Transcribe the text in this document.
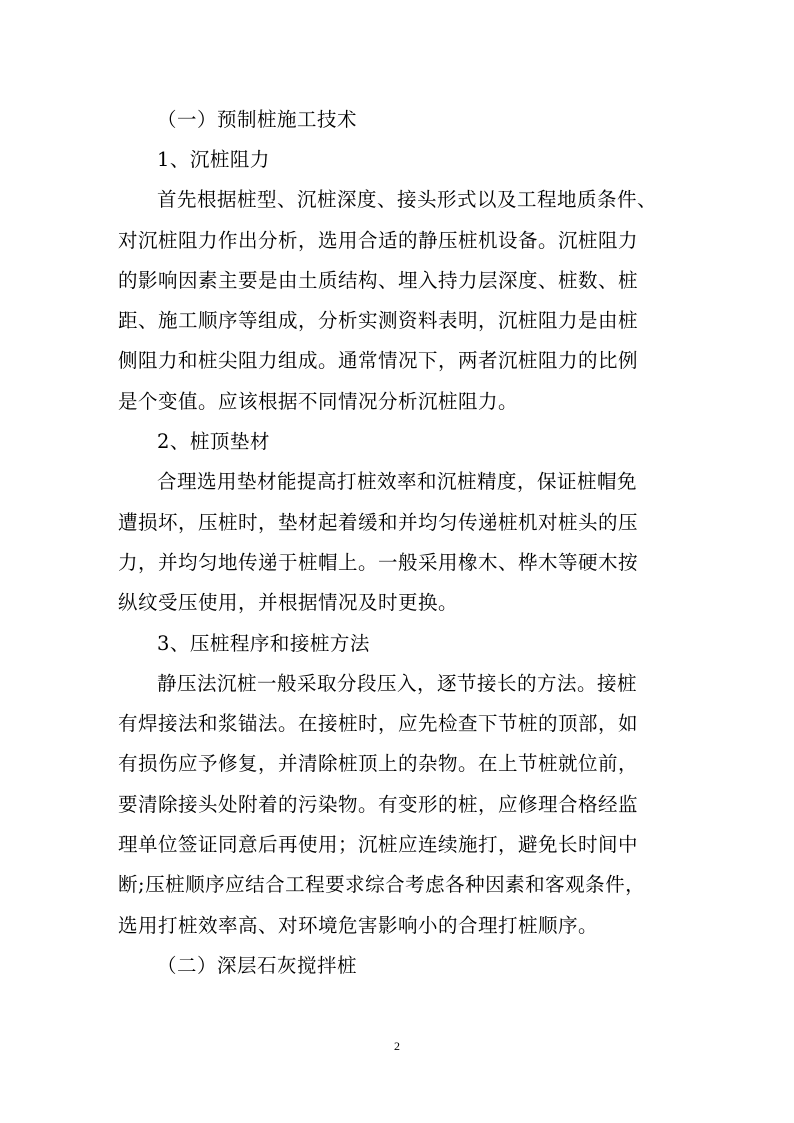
（一）预制桩施工技术
1、沉桩阻力
首先根据桩型、沉桩深度、接头形式以及工程地质条件、
对沉桩阻力作出分析，选用合适的静压桩机设备。沉桩阻力
的影响因素主要是由土质结构、埋入持力层深度、桩数、桩
距、施工顺序等组成，分析实测资料表明，沉桩阻力是由桩
侧阻力和桩尖阻力组成。通常情况下，两者沉桩阻力的比例
是个变值。应该根据不同情况分析沉桩阻力。
2、桩顶垫材
合理选用垫材能提高打桩效率和沉桩精度，保证桩帽免
遭损坏，压桩时，垫材起着缓和并均匀传递桩机对桩头的压
力，并均匀地传递于桩帽上。一般采用橡木、桦木等硬木按
纵纹受压使用，并根据情况及时更换。
3、压桩程序和接桩方法
静压法沉桩一般采取分段压入，逐节接长的方法。接桩
有焊接法和浆锚法。在接桩时，应先检查下节桩的顶部，如
有损伤应予修复，并清除桩顶上的杂物。在上节桩就位前，
要清除接头处附着的污染物。有变形的桩，应修理合格经监
理单位签证同意后再使用；沉桩应连续施打，避免长时间中
断;压桩顺序应结合工程要求综合考虑各种因素和客观条件，
选用打桩效率高、对环境危害影响小的合理打桩顺序。
（二）深层石灰搅拌桩
2
